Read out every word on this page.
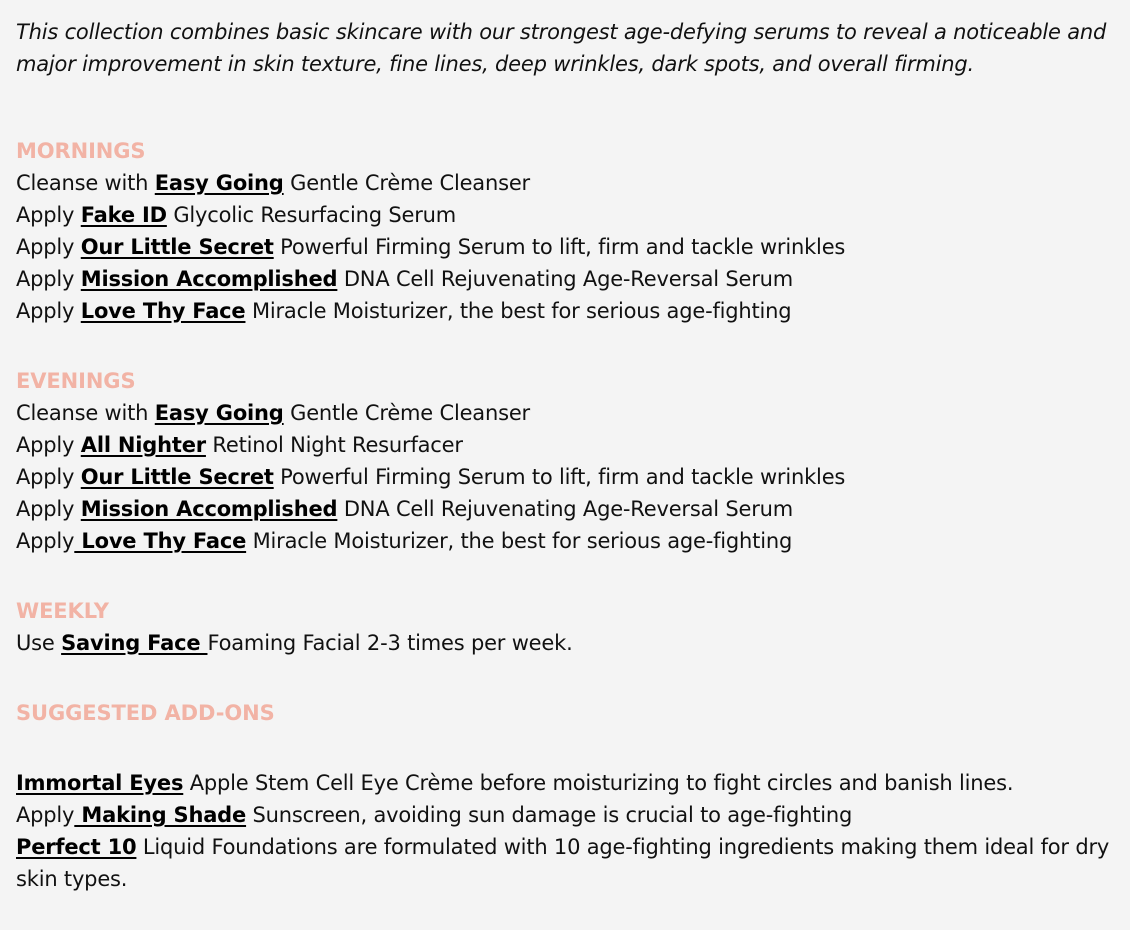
This collection combines basic skincare with our strongest age-defying serums to reveal a noticeable and major improvement in skin texture, fine lines, deep wrinkles, dark spots, and overall firming.

MORNINGS

Cleanse with Easy Going Gentle Crème Cleanser

Apply Fake ID Glycolic Resurfacing Serum

Apply Our Little Secret Powerful Firming Serum to lift, firm and tackle wrinkles

Apply Mission Accomplished DNA Cell Rejuvenating Age-Reversal Serum

Apply Love Thy Face Miracle Moisturizer, the best for serious age-fighting

EVENINGS

Cleanse with Easy Going Gentle Crème Cleanser

Apply All Nighter Retinol Night Resurfacer

Apply Our Little Secret Powerful Firming Serum to lift, firm and tackle wrinkles

Apply Mission Accomplished DNA Cell Rejuvenating Age-Reversal Serum

Apply Love Thy Face Miracle Moisturizer, the best for serious age-fighting

WEEKLY

Use Saving Face Foaming Facial 2-3 times per week.

SUGGESTED ADD-ONS

Immortal Eyes Apple Stem Cell Eye Crème before moisturizing to fight circles and banish lines.

Apply Making Shade Sunscreen, avoiding sun damage is crucial to age-fighting

Perfect 10 Liquid Foundations are formulated with 10 age-fighting ingredients making them ideal for dry skin types.
